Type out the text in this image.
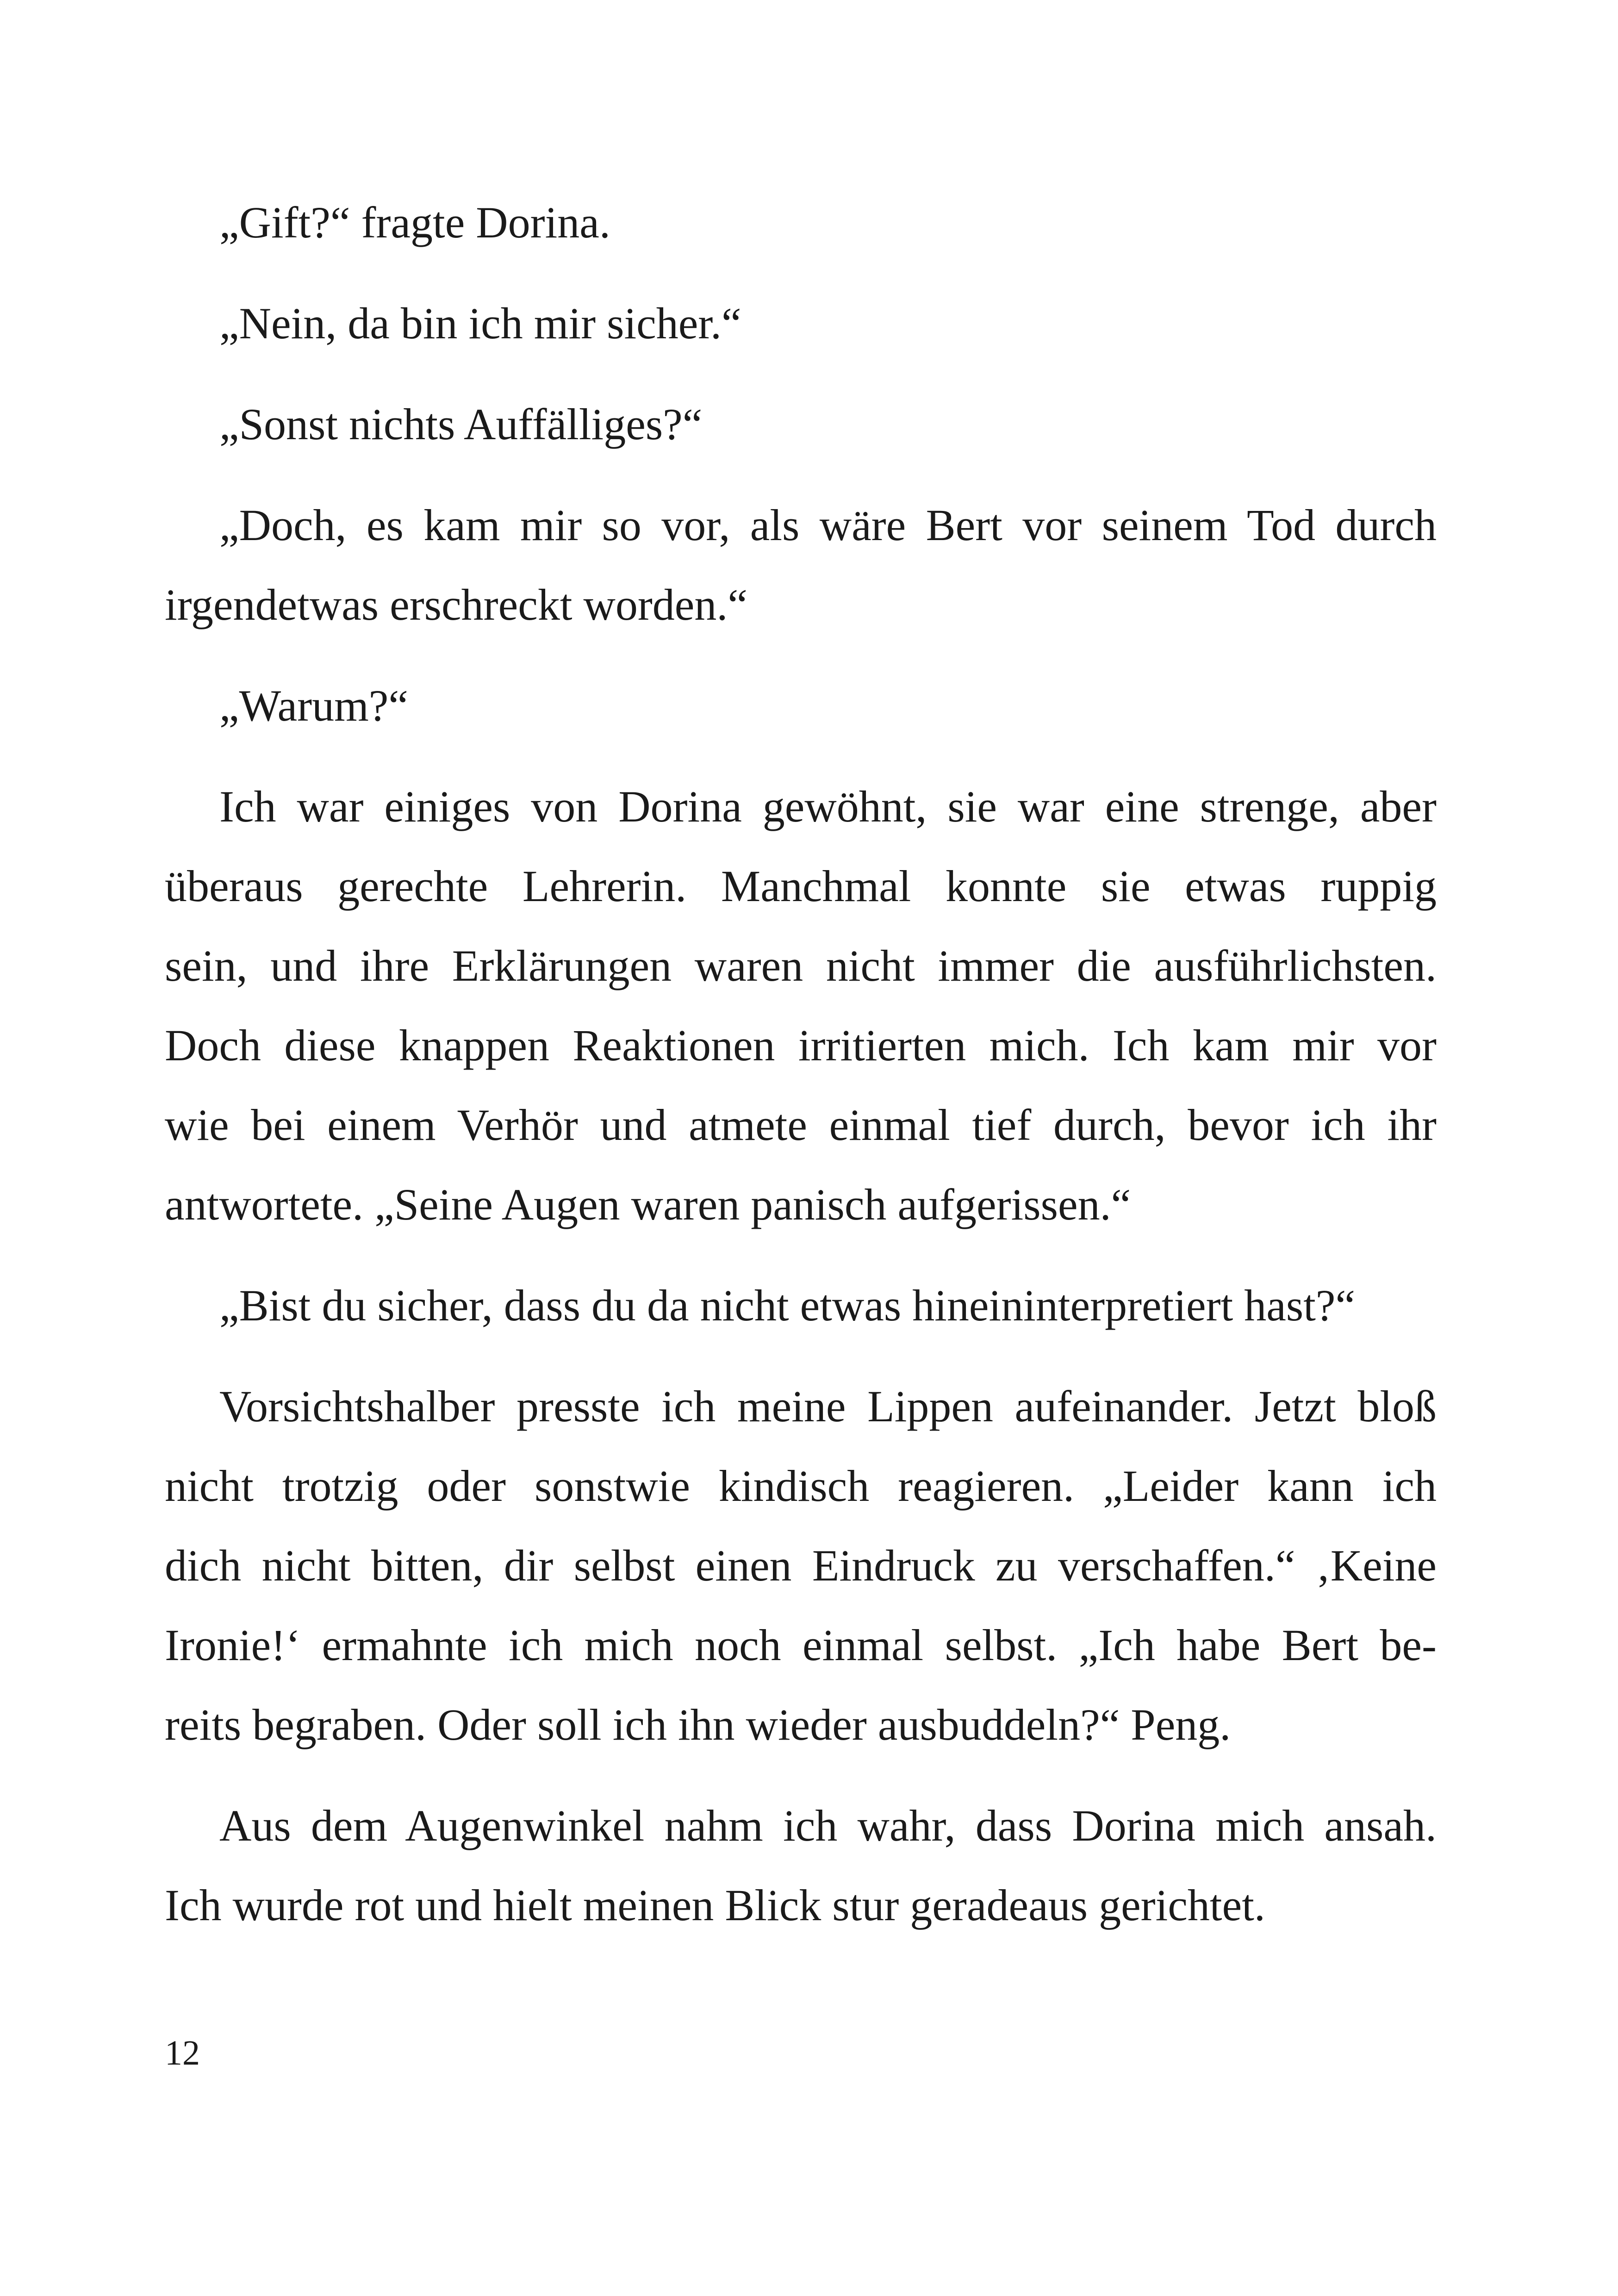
„Gift?“ fragte Dorina.

„Nein, da bin ich mir sicher.“

„Sonst nichts Auffälliges?“

„Doch, es kam mir so vor, als wäre Bert vor seinem Tod durch
irgendetwas erschreckt worden.“

„Warum?“

Ich war einiges von Dorina gewöhnt, sie war eine strenge, aber
überaus gerechte Lehrerin. Manchmal konnte sie etwas ruppig
sein, und ihre Erklärungen waren nicht immer die ausführlichsten.
Doch diese knappen Reaktionen irritierten mich. Ich kam mir vor
wie bei einem Verhör und atmete einmal tief durch, bevor ich ihr
antwortete. „Seine Augen waren panisch aufgerissen.“

„Bist du sicher, dass du da nicht etwas hineininterpretiert hast?“

Vorsichtshalber presste ich meine Lippen aufeinander. Jetzt bloß
nicht trotzig oder sonstwie kindisch reagieren. „Leider kann ich
dich nicht bitten, dir selbst einen Eindruck zu verschaffen.“ ‚Keine
Ironie!‘ ermahnte ich mich noch einmal selbst. „Ich habe Bert be-
reits begraben. Oder soll ich ihn wieder ausbuddeln?“ Peng.

Aus dem Augenwinkel nahm ich wahr, dass Dorina mich ansah.
Ich wurde rot und hielt meinen Blick stur geradeaus gerichtet.

12
